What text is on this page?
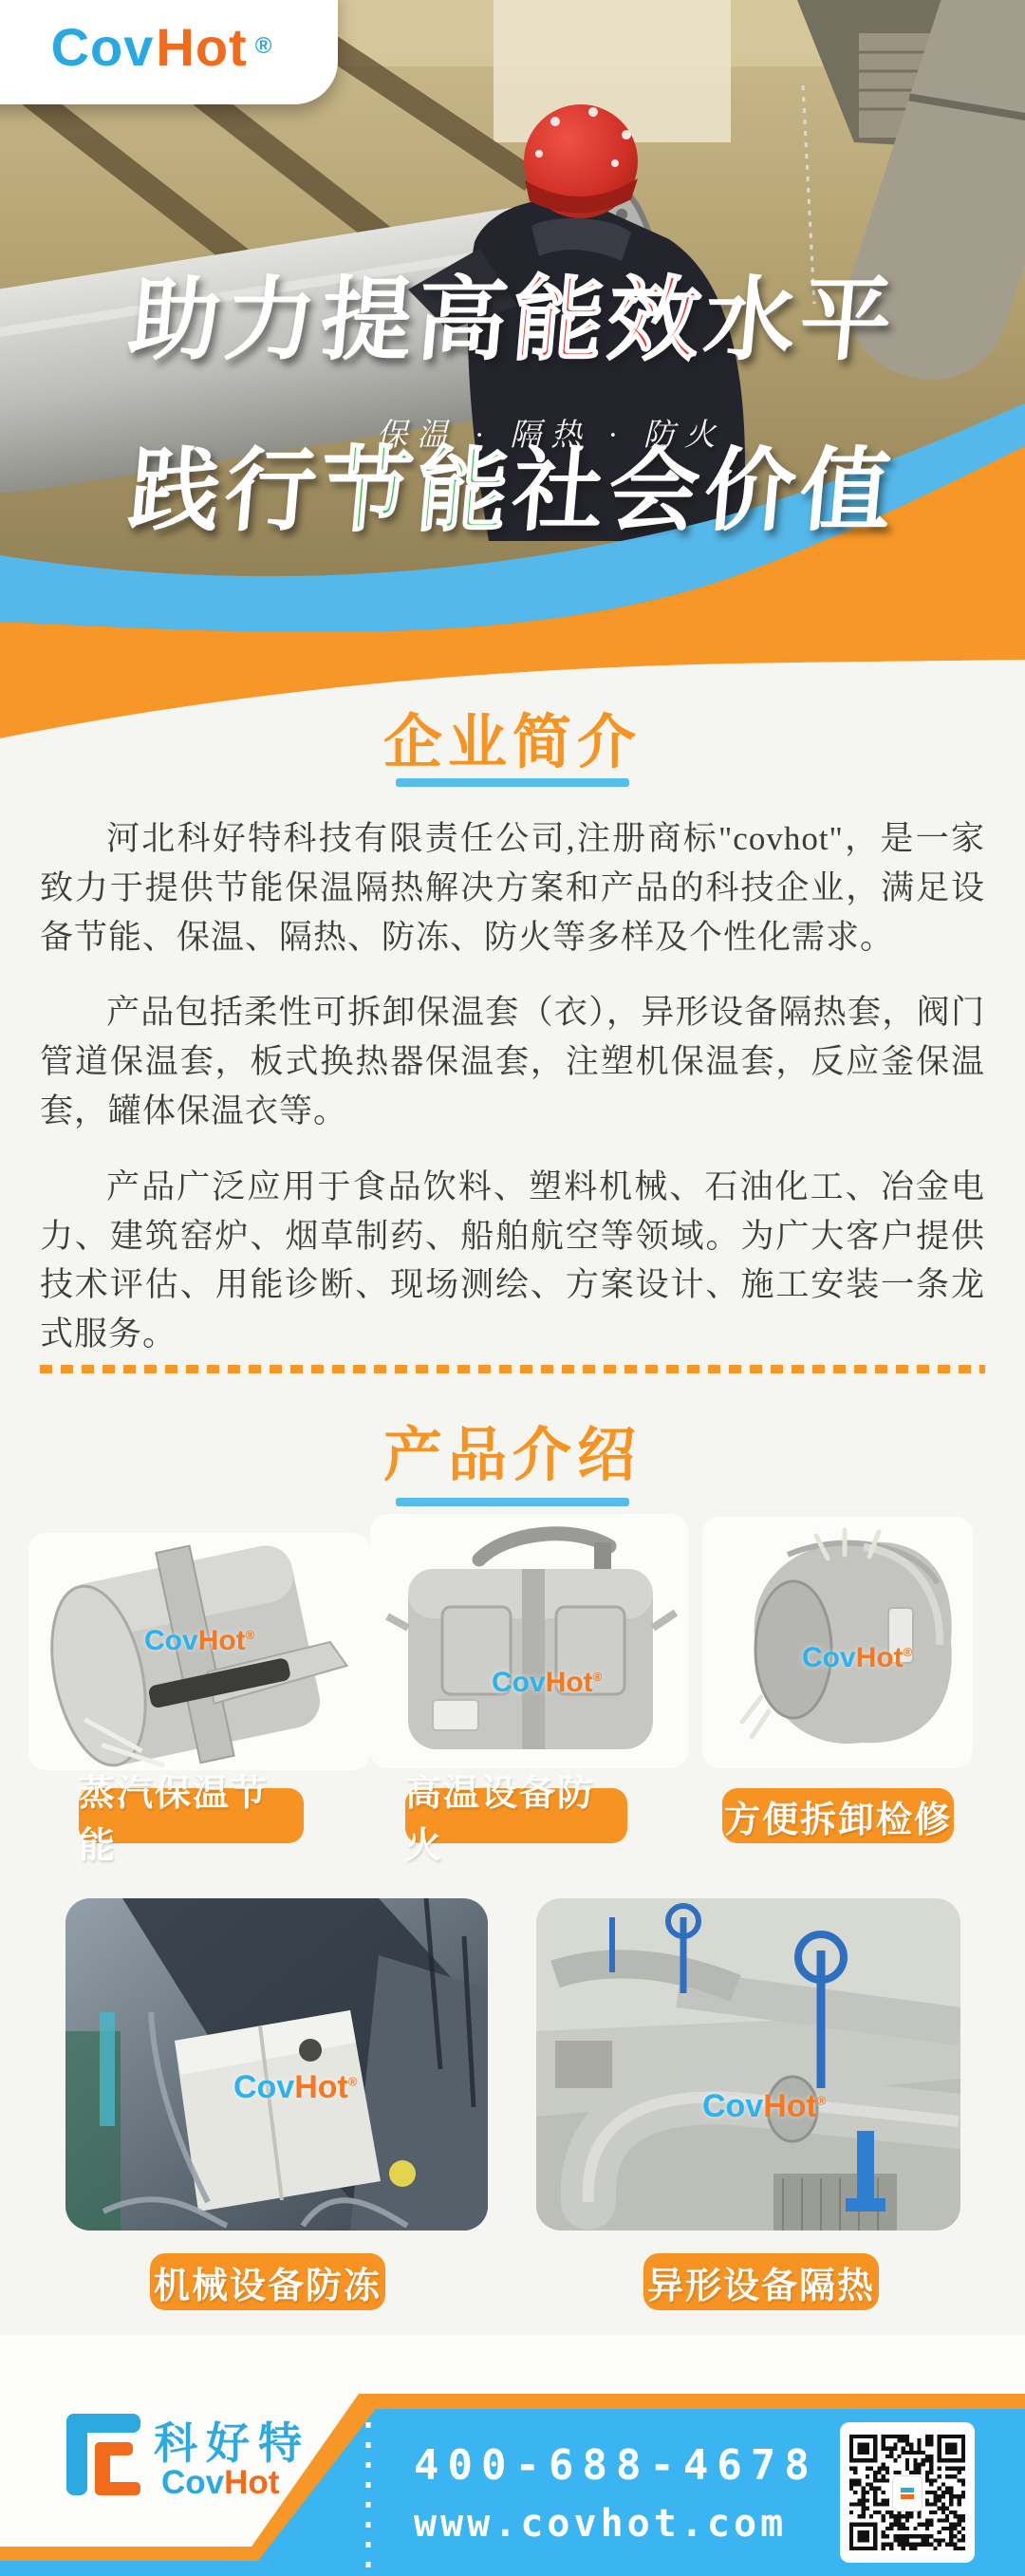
Cov Hot ®
助力提高能效水平
保温 · 隔热 · 防火
践行节能社会价值
企业简介

河北科好特科技有限责任公司,注册商标"covhot"，是一家致力于提供节能保温隔热解决方案和产品的科技企业，满足设备节能、保温、隔热、防冻、防火等多样及个性化需求。

产品包括柔性可拆卸保温套（衣），异形设备隔热套，阀门管道保温套，板式换热器保温套，注塑机保温套，反应釜保温套，罐体保温衣等。

产品广泛应用于食品饮料、塑料机械、石油化工、冶金电力、建筑窑炉、烟草制药、船舶航空等领域。为广大客户提供技术评估、用能诊断、现场测绘、方案设计、施工安装一条龙式服务。

产品介绍
CovHot®
CovHot®
CovHot®
蒸汽保温节能
高温设备防火
方便拆卸检修
CovHot®
CovHot®
机械设备防冻	异形设备隔热
科好特
CovHot	400-688-4678
www.covhot.com
